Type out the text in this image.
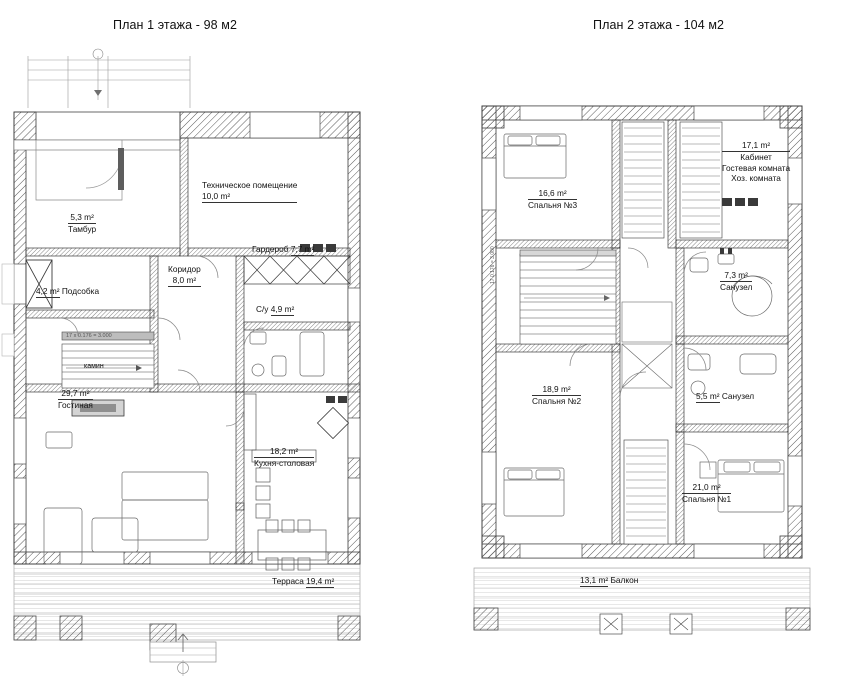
План 1 этажа - 98 м2	План 2 этажа - 104 м2
Техническое помещение
10,0 m²
5,3 m²
Тамбур
Гардероб 7,7 m²
Коридор
8,0 m²
4,2 m² Подсобка
С/у 4,9 m²
29,7 m²
Гостиная
18,2 m²
Кухня-столовая
Терраса 19,4 m²
камин
17 x 0.176 = 3.000
17,1 m²
Кабинет
Гостевая комната
Хоз. комната
16,6 m²
Спальня №3
7,3 m²
Санузел
5,5 m² Санузел
18,9 m²
Спальня №2
21,0 m²
Спальня №1
13,1 m² Балкон
17 0.176 = 3.000
